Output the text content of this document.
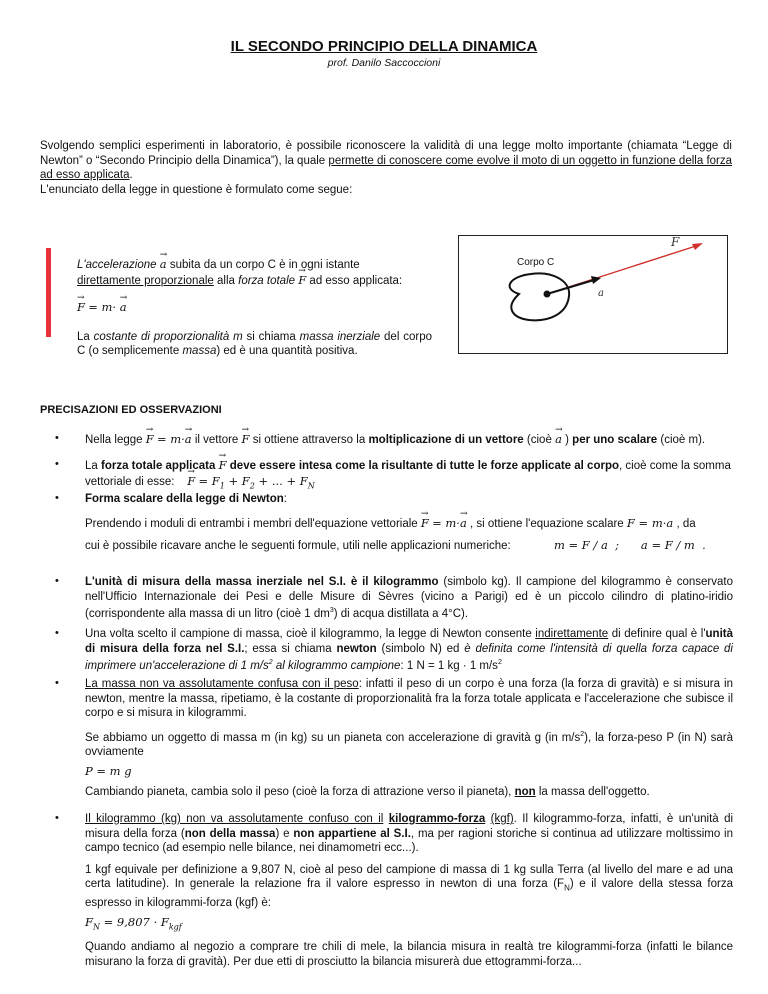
IL SECONDO PRINCIPIO DELLA DINAMICA
prof. Danilo Saccoccioni
Svolgendo semplici esperimenti in laboratorio, è possibile riconoscere la validità di una legge molto importante (chiamata “Legge di Newton” o “Secondo Principio della Dinamica”), la quale permette di conoscere come evolve il moto di un oggetto in funzione della forza ad esso applicata.
L'enunciato della legge in questione è formulato come segue:
L'accelerazione → a subita da un corpo C è in ogni istante
direttamente proporzionale alla forza totale → F ad esso applicata:
→ F = m· → a
La costante di proporzionalità m si chiama massa inerziale del corpo C (o semplicemente massa) ed è una quantità positiva.
Corpo C
F
a
PRECISAZIONI ED OSSERVAZIONI
• Nella legge → F = m·→ a il vettore → F si ottiene attraverso la moltiplicazione di un vettore (cioè → a ) per uno scalare (cioè m).
• La forza totale applicata → F deve essere intesa come la risultante di tutte le forze applicate al corpo, cioè come la somma
vettoriale di esse: → $F = F_1 + F_2$ + ... + $F_N$
• Forma scalare della legge di Newton:
Prendendo i moduli di entrambi i membri dell'equazione vettoriale → F = m·→ a , si ottiene l'equazione scalare F = m·a , da
cui è possibile ricavare anche le seguenti formule, utili nelle applicazioni numeriche:	m = F / a  ;      a = F / m  .
• L'unità di misura della massa inerziale nel S.I. è il kilogrammo (simbolo kg). Il campione del kilogrammo è conservato nell'Ufficio Internazionale dei Pesi e delle Misure di Sèvres (vicino a Parigi) ed è un piccolo cilindro di platino-iridio (corrispondente alla massa di un litro (cioè 1 $dm^3$) di acqua distillata a 4°C).
• Una volta scelto il campione di massa, cioè il kilogrammo, la legge di Newton consente indirettamente di definire qual è l'unità di misura della forza nel S.I.; essa si chiama newton (simbolo N) ed è definita come l'intensità di quella forza capace di imprimere un'accelerazione di 1 $m/s^2$ al kilogrammo campione: 1 N = 1 kg · 1 $m/s^2$
• La massa non va assolutamente confusa con il peso: infatti il peso di un corpo è una forza (la forza di gravità) e si misura in newton, mentre la massa, ripetiamo, è la costante di proporzionalità fra la forza totale applicata e l'accelerazione che subisce il corpo e si misura in kilogrammi.
Se abbiamo un oggetto di massa m (in kg) su un pianeta con accelerazione di gravità g (in $m/s^2$), la forza-peso P (in N) sarà ovviamente
P = m g
Cambiando pianeta, cambia solo il peso (cioè la forza di attrazione verso il pianeta), non la massa dell'oggetto.
• Il kilogrammo (kg) non va assolutamente confuso con il kilogrammo-forza (kgf). Il kilogrammo-forza, infatti, è un'unità di misura della forza (non della massa) e non appartiene al S.I., ma per ragioni storiche si continua ad utilizzare moltissimo in campo tecnico (ad esempio nelle bilance, nei dinamometri ecc...).
1 kgf equivale per definizione a 9,807 N, cioè al peso del campione di massa di 1 kg sulla Terra (al livello del mare e ad una certa latitudine). In generale la relazione fra il valore espresso in newton di una forza $(F_N)$ e il valore della stessa forza espresso in kilogrammi-forza (kgf) è:
$F_N = 9,807 \cdot F_{kgf}$
Quando andiamo al negozio a comprare tre chili di mele, la bilancia misura in realtà tre kilogrammi-forza (infatti le bilance misurano la forza di gravità). Per due etti di prosciutto la bilancia misurerà due ettogrammi-forza...
